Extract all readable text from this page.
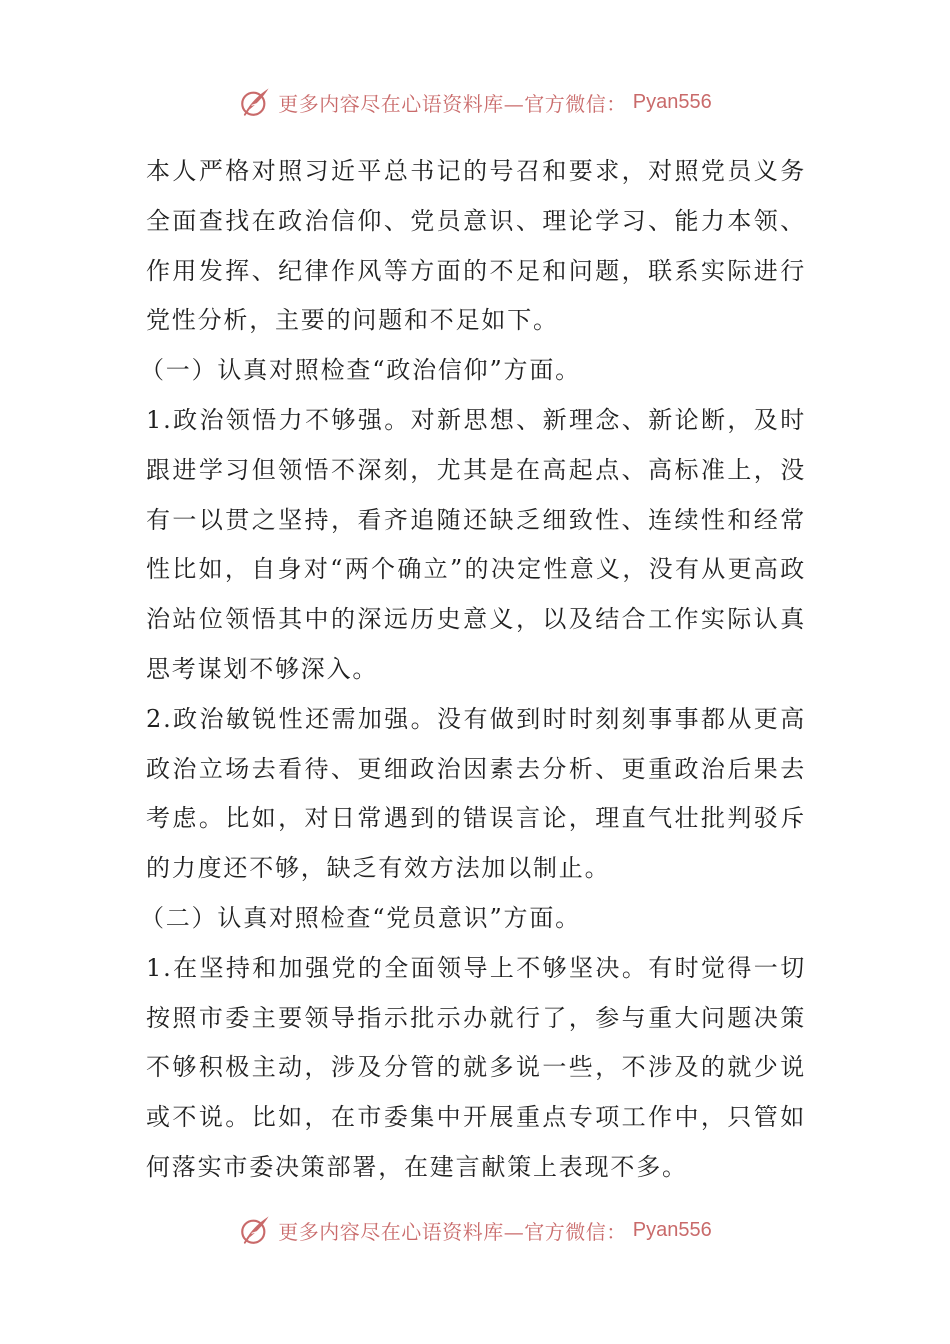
更多内容尽在心语资料库—官方微信： Pyan556

本人严格对照习近平总书记的号召和要求，对照党员义务全面查找在政治信仰、党员意识、理论学习、能力本领、作用发挥、纪律作风等方面的不足和问题，联系实际进行党性分析，主要的问题和不足如下。

（一）认真对照检查“政治信仰”方面。

1.政治领悟力不够强。对新思想、新理念、新论断，及时跟进学习但领悟不深刻，尤其是在高起点、高标准上，没有一以贯之坚持，看齐追随还缺乏细致性、连续性和经常性比如，自身对“两个确立”的决定性意义，没有从更高政治站位领悟其中的深远历史意义，以及结合工作实际认真思考谋划不够深入。

2.政治敏锐性还需加强。没有做到时时刻刻事事都从更高政治立场去看待、更细政治因素去分析、更重政治后果去考虑。比如，对日常遇到的错误言论，理直气壮批判驳斥的力度还不够，缺乏有效方法加以制止。

（二）认真对照检查“党员意识”方面。

1.在坚持和加强党的全面领导上不够坚决。有时觉得一切按照市委主要领导指示批示办就行了，参与重大问题决策不够积极主动，涉及分管的就多说一些，不涉及的就少说或不说。比如，在市委集中开展重点专项工作中，只管如何落实市委决策部署，在建言献策上表现不多。

更多内容尽在心语资料库—官方微信： Pyan556
